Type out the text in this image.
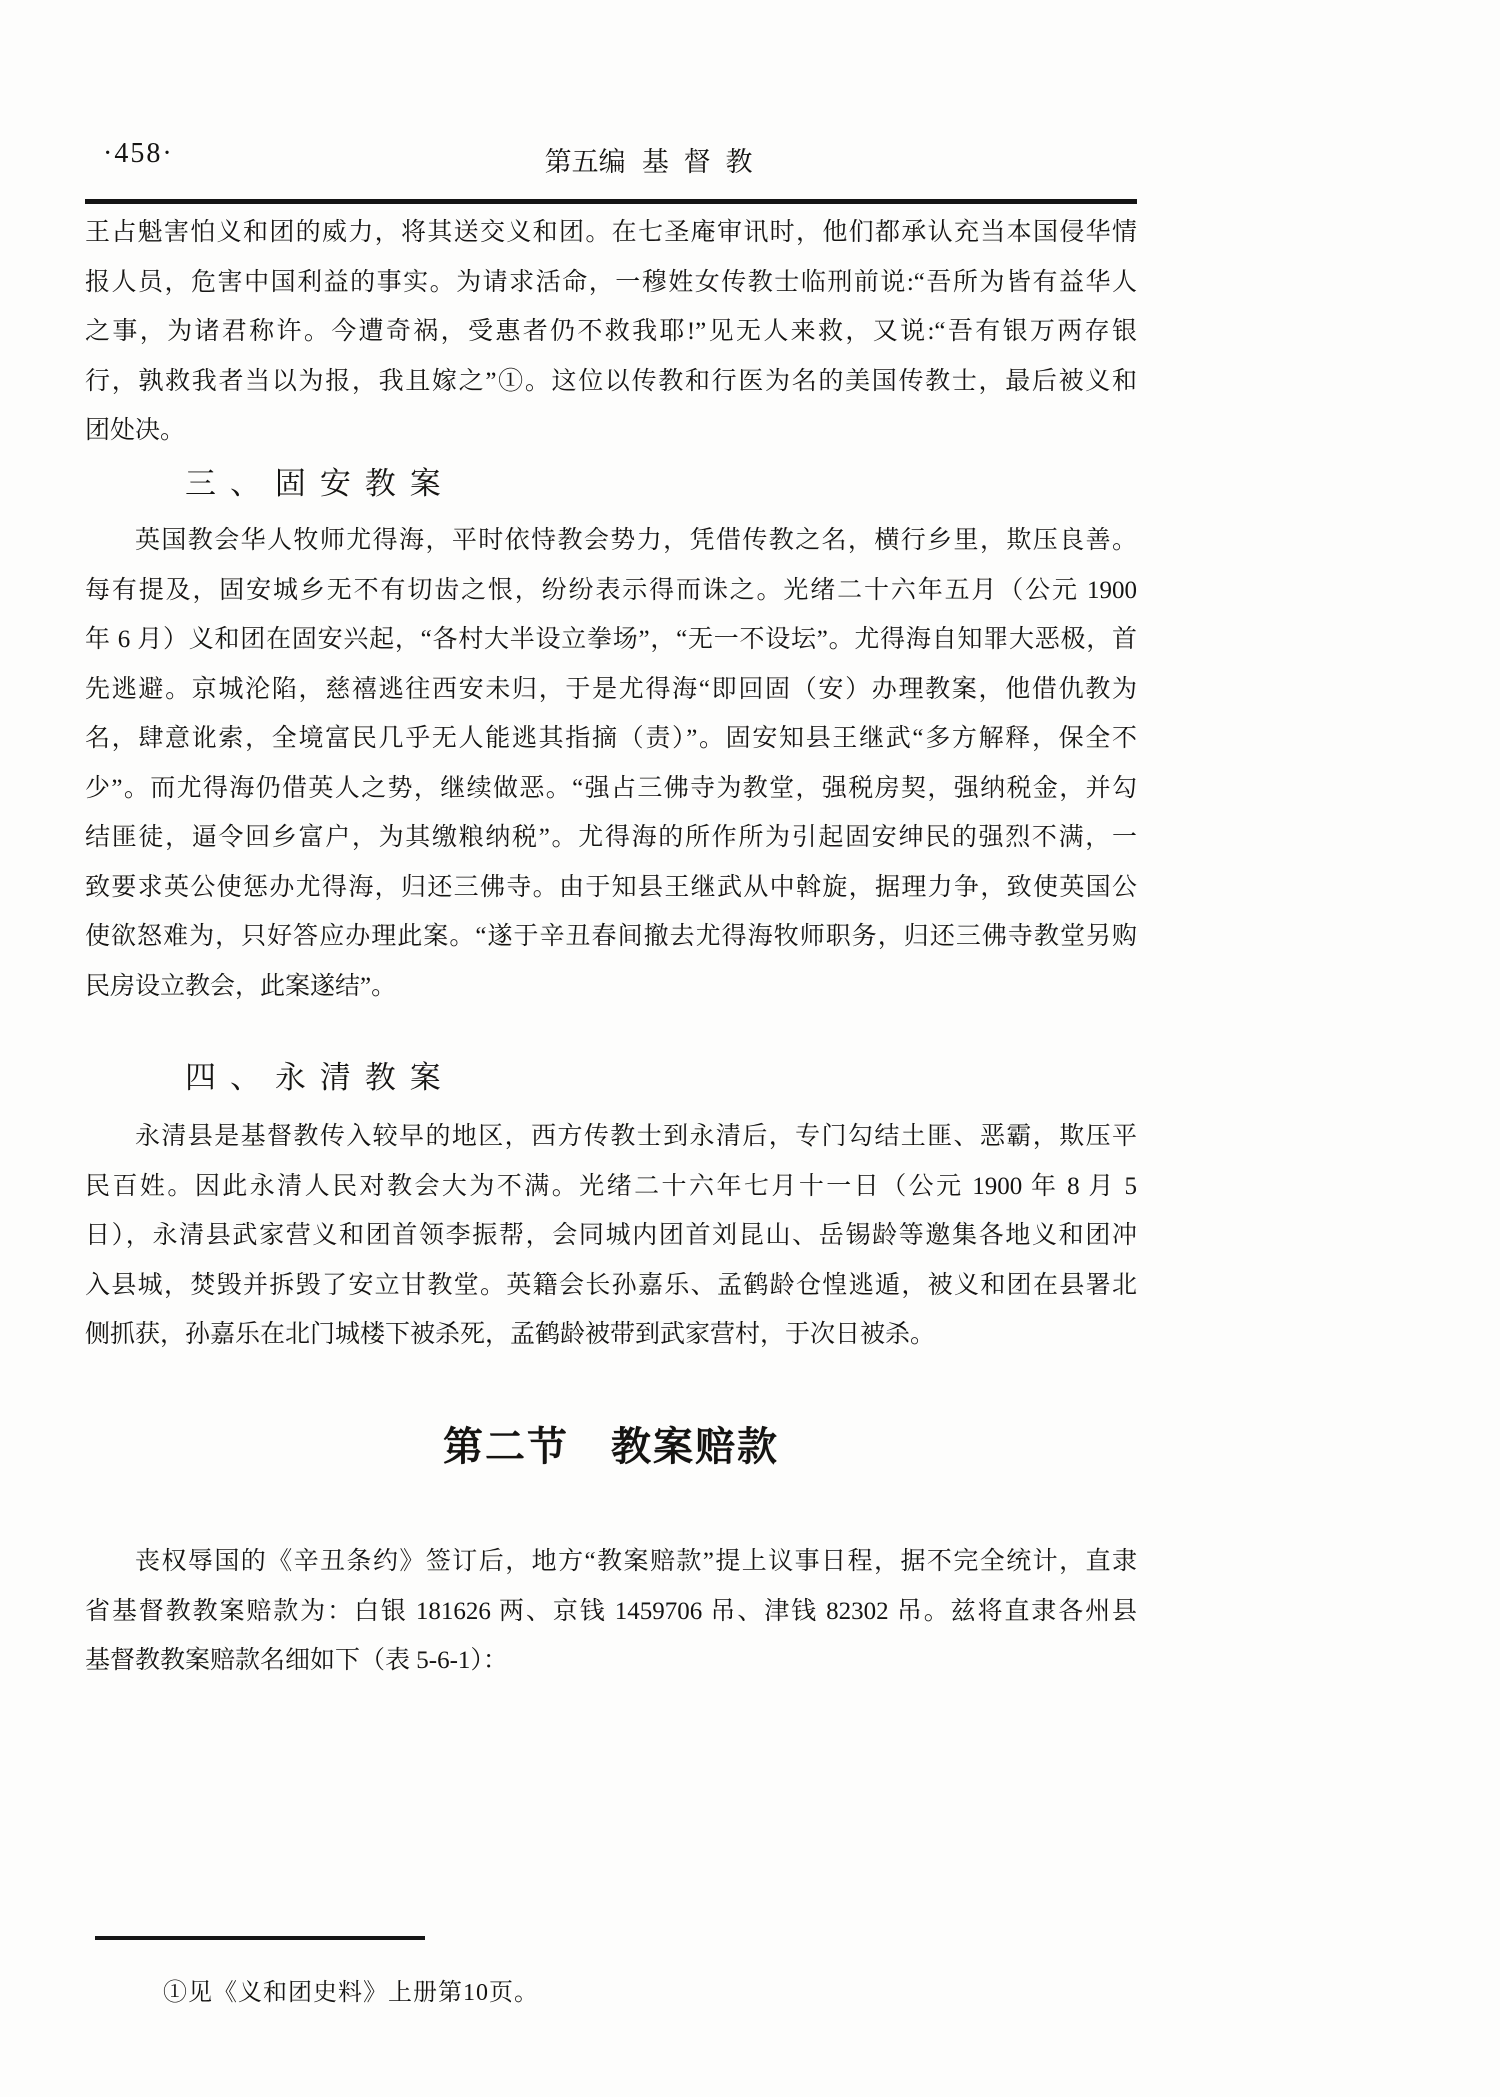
·458·	第五编 基督教
王占魁害怕义和团的威力，将其送交义和团。在七圣庵审讯时，他们都承认充当本国侵华情
报人员，危害中国利益的事实。为请求活命，一穆姓女传教士临刑前说:“吾所为皆有益华人
之事，为诸君称许。今遭奇祸，受惠者仍不救我耶!”见无人来救，又说:“吾有银万两存银
行，孰救我者当以为报，我且嫁之”①。这位以传教和行医为名的美国传教士，最后被义和
团处决。
三、固安教案
英国教会华人牧师尤得海，平时依恃教会势力，凭借传教之名，横行乡里，欺压良善。
每有提及，固安城乡无不有切齿之恨，纷纷表示得而诛之。光绪二十六年五月（公元 1900
年 6 月）义和团在固安兴起，“各村大半设立拳场”，“无一不设坛”。尤得海自知罪大恶极，首
先逃避。京城沦陷，慈禧逃往西安未归，于是尤得海“即回固（安）办理教案，他借仇教为
名，肆意讹索，全境富民几乎无人能逃其指摘（责）”。固安知县王继武“多方解释，保全不
少”。而尤得海仍借英人之势，继续做恶。“强占三佛寺为教堂，强税房契，强纳税金，并勾
结匪徒，逼令回乡富户，为其缴粮纳税”。尤得海的所作所为引起固安绅民的强烈不满，一
致要求英公使惩办尤得海，归还三佛寺。由于知县王继武从中斡旋，据理力争，致使英国公
使欲怒难为，只好答应办理此案。“遂于辛丑春间撤去尤得海牧师职务，归还三佛寺教堂另购
民房设立教会，此案遂结”。
四、永清教案
永清县是基督教传入较早的地区，西方传教士到永清后，专门勾结土匪、恶霸，欺压平
民百姓。因此永清人民对教会大为不满。光绪二十六年七月十一日（公元 1900 年 8 月 5
日），永清县武家营义和团首领李振帮，会同城内团首刘昆山、岳锡龄等邀集各地义和团冲
入县城，焚毁并拆毁了安立甘教堂。英籍会长孙嘉乐、孟鹤龄仓惶逃遁，被义和团在县署北
侧抓获，孙嘉乐在北门城楼下被杀死，孟鹤龄被带到武家营村，于次日被杀。
第二节 教案赔款
丧权辱国的《辛丑条约》签订后，地方“教案赔款”提上议事日程，据不完全统计，直隶
省基督教教案赔款为：白银 181626 两、京钱 1459706 吊、津钱 82302 吊。兹将直隶各州县
基督教教案赔款名细如下（表 5-6-1）：
①见《义和团史料》上册第10页。
